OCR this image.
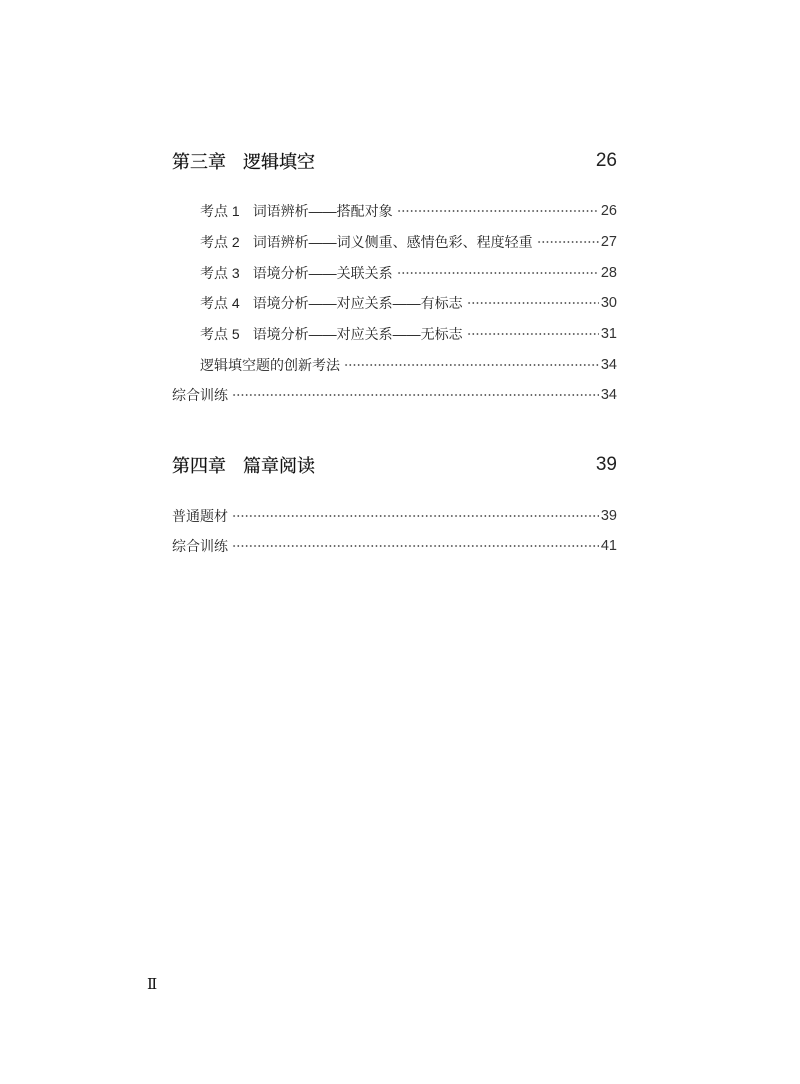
第三章 逻辑填空	26
考点 1 词语辨析——搭配对象	26
考点 2 词语辨析——词义侧重、感情色彩、程度轻重	27
考点 3 语境分析——关联关系	28
考点 4 语境分析——对应关系——有标志	30
考点 5 语境分析——对应关系——无标志	31
逻辑填空题的创新考法	34
综合训练	34
第四章 篇章阅读	39
普通题材	39
综合训练	41
Ⅱ
